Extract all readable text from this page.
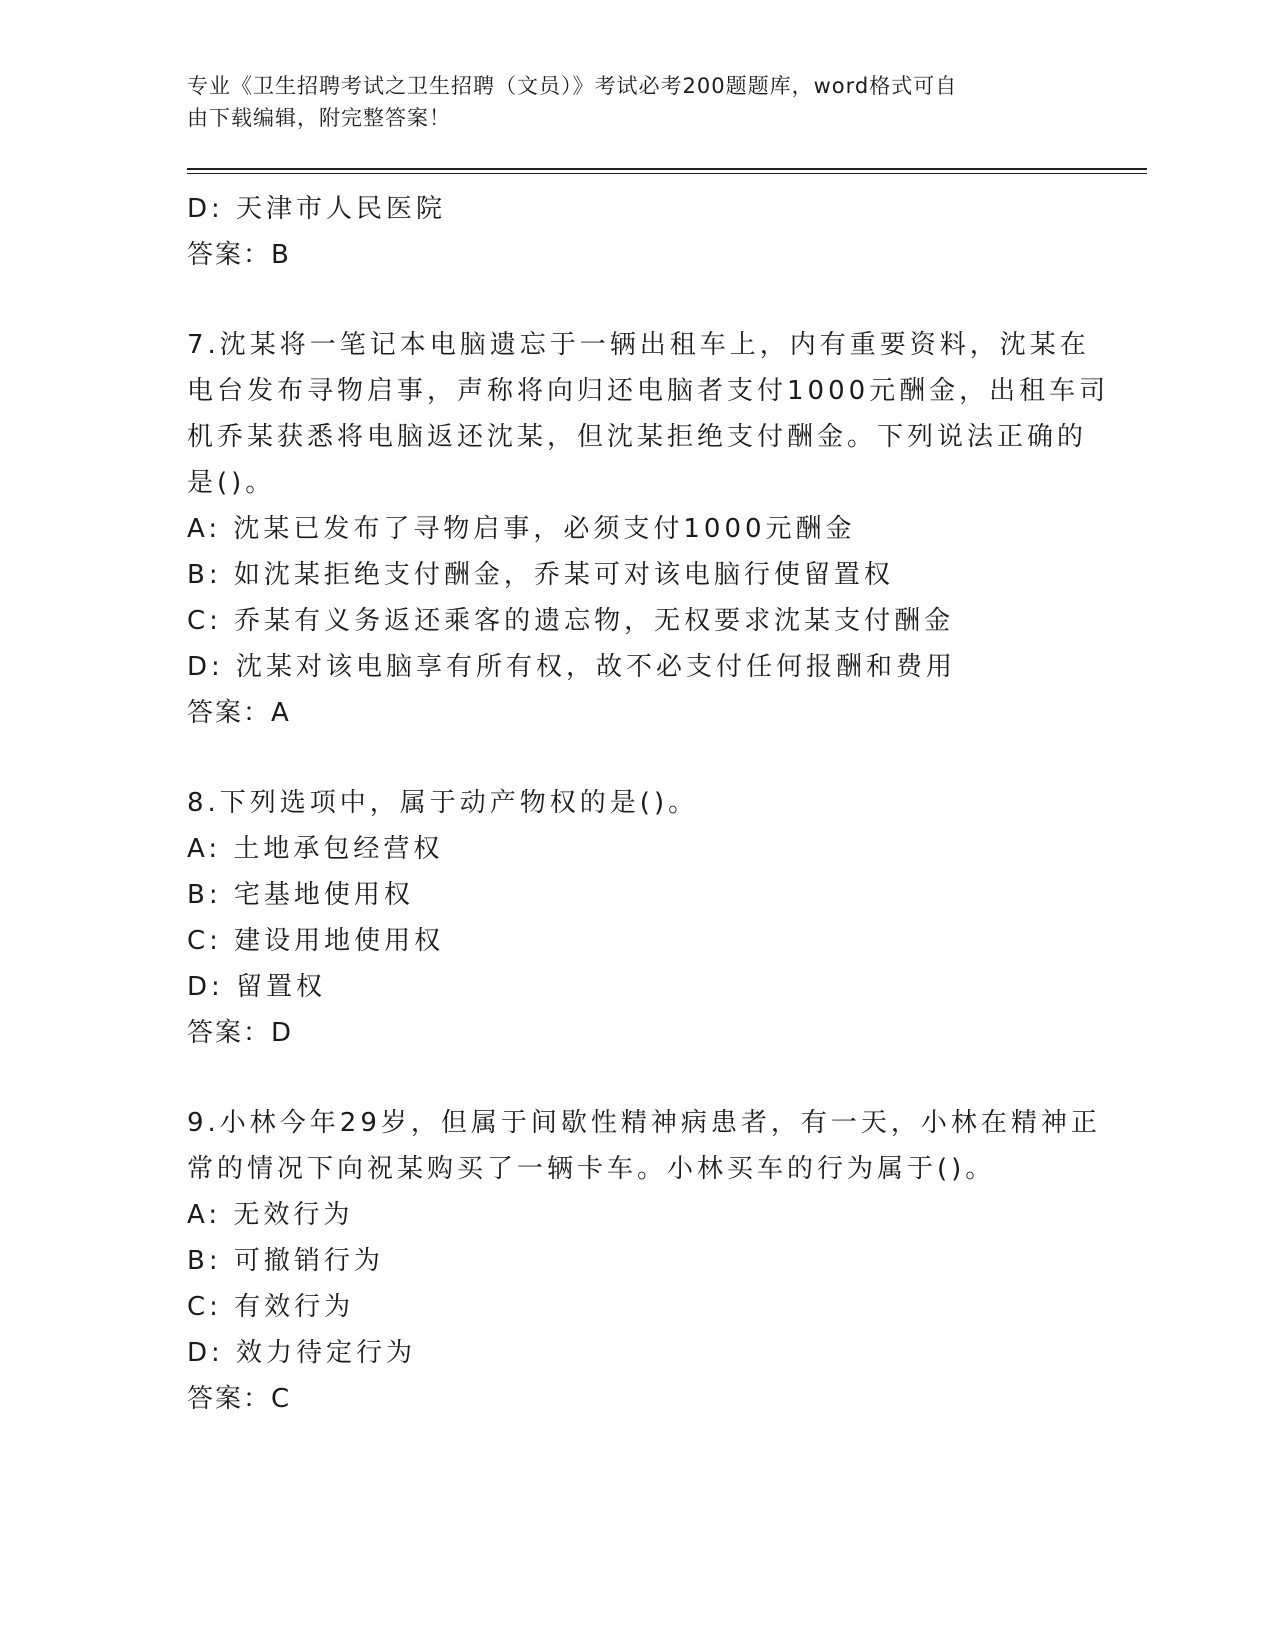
专业《卫生招聘考试之卫生招聘（文员）》考试必考200题题库，word格式可自
由下载编辑，附完整答案！
D: 天津市人民医院
答案：B
7.沈某将一笔记本电脑遗忘于一辆出租车上，内有重要资料，沈某在
电台发布寻物启事，声称将向归还电脑者支付1000元酬金，出租车司
机乔某获悉将电脑返还沈某，但沈某拒绝支付酬金。下列说法正确的
是()。
A: 沈某已发布了寻物启事，必须支付1000元酬金
B: 如沈某拒绝支付酬金，乔某可对该电脑行使留置权
C: 乔某有义务返还乘客的遗忘物，无权要求沈某支付酬金
D: 沈某对该电脑享有所有权，故不必支付任何报酬和费用
答案：A
8.下列选项中，属于动产物权的是()。
A: 土地承包经营权
B: 宅基地使用权
C: 建设用地使用权
D: 留置权
答案：D
9.小林今年29岁，但属于间歇性精神病患者，有一天，小林在精神正
常的情况下向祝某购买了一辆卡车。小林买车的行为属于()。
A: 无效行为
B: 可撤销行为
C: 有效行为
D: 效力待定行为
答案：C
